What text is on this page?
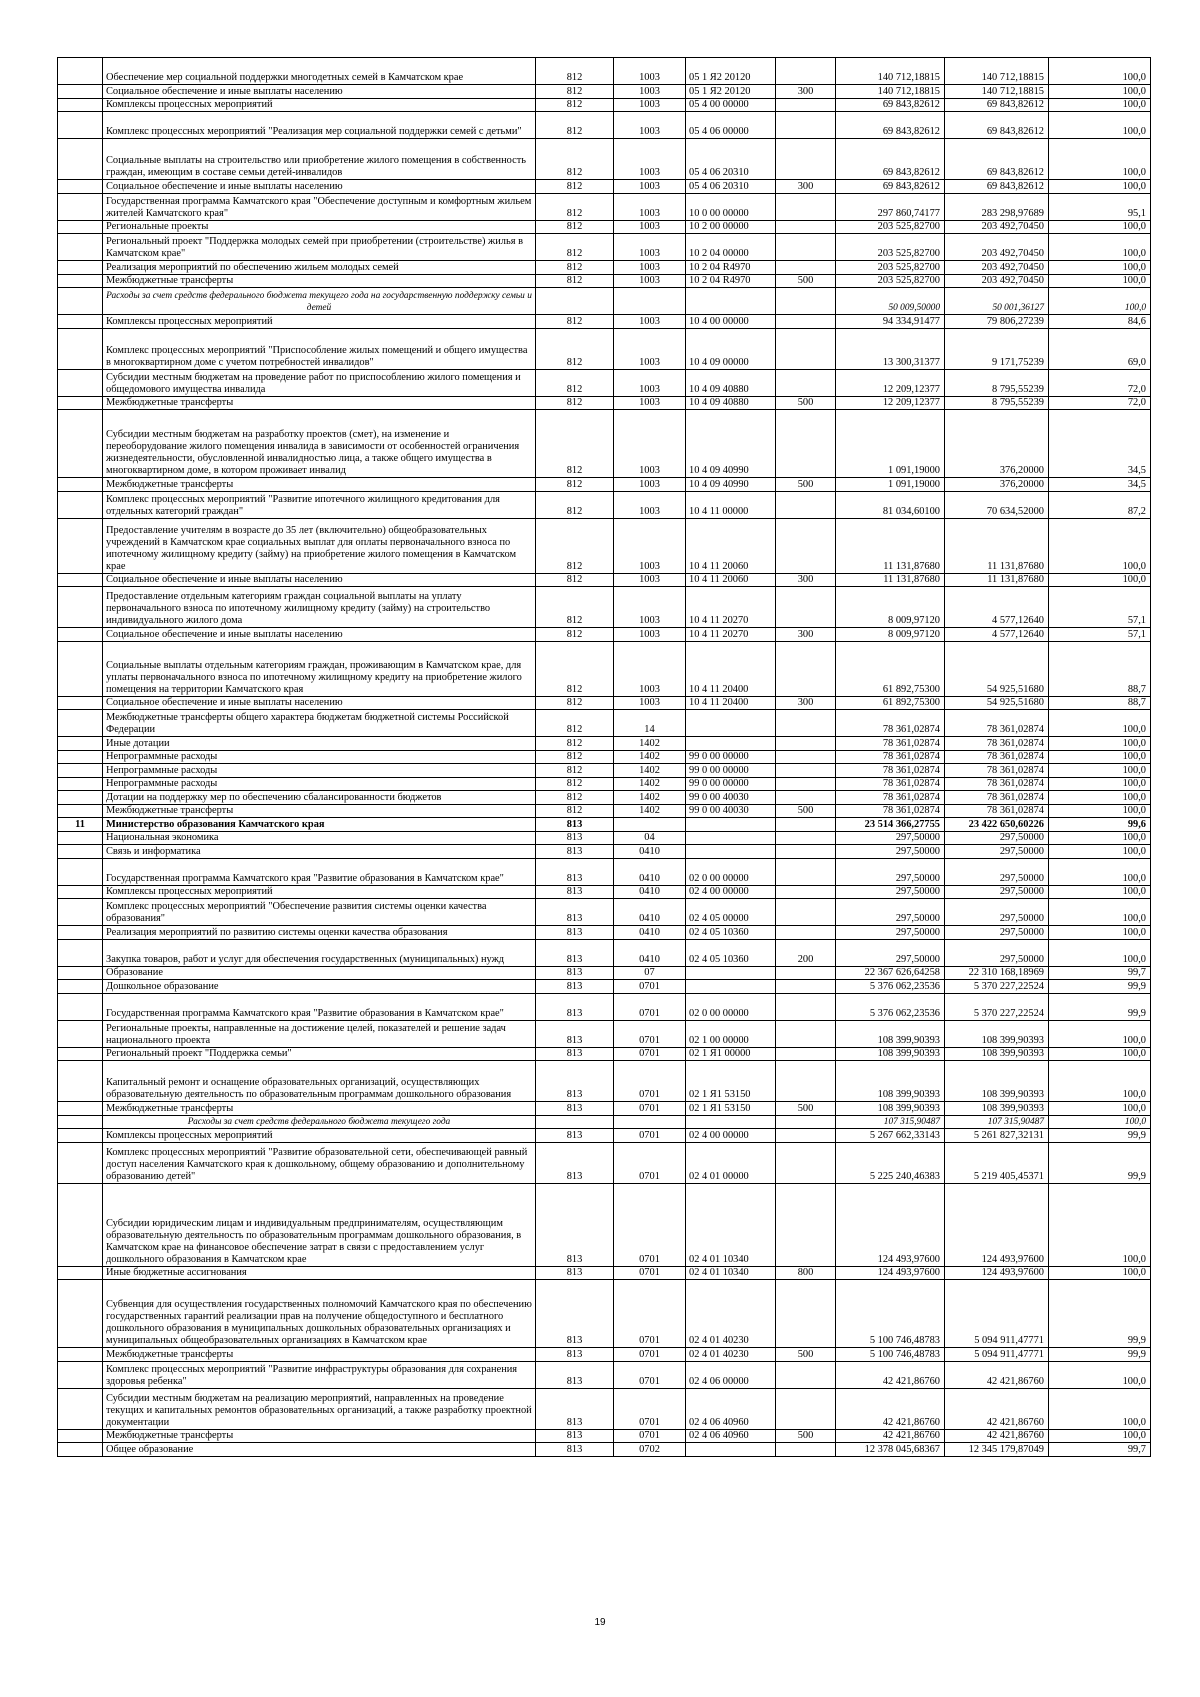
	Обеспечение мер социальной поддержки многодетных семей в Камчатском крае	812	1003	05 1 Я2 20120		140 712,18815	140 712,18815	100,0
	Социальное обеспечение и иные выплаты населению	812	1003	05 1 Я2 20120	300	140 712,18815	140 712,18815	100,0
	Комплексы процессных мероприятий	812	1003	05 4 00 00000		69 843,82612	69 843,82612	100,0
	Комплекс процессных мероприятий "Реализация мер социальной поддержки семей с детьми"	812	1003	05 4 06 00000		69 843,82612	69 843,82612	100,0
	Социальные выплаты на строительство или приобретение жилого помещения в собственность граждан, имеющим в составе семьи детей-инвалидов	812	1003	05 4 06 20310		69 843,82612	69 843,82612	100,0
	Социальное обеспечение и иные выплаты населению	812	1003	05 4 06 20310	300	69 843,82612	69 843,82612	100,0
	Государственная программа Камчатского края "Обеспечение доступным и комфортным жильем жителей Камчатского края"	812	1003	10 0 00 00000		297 860,74177	283 298,97689	95,1
	Региональные проекты	812	1003	10 2 00 00000		203 525,82700	203 492,70450	100,0
	Региональный проект "Поддержка молодых семей при приобретении (строительстве) жилья в Камчатском крае"	812	1003	10 2 04 00000		203 525,82700	203 492,70450	100,0
	Реализация мероприятий по обеспечению жильем молодых семей	812	1003	10 2 04 R4970		203 525,82700	203 492,70450	100,0
	Межбюджетные трансферты	812	1003	10 2 04 R4970	500	203 525,82700	203 492,70450	100,0
	Расходы за счет средств федерального бюджета текущего года на государственную поддержку семьи и детей					50 009,50000	50 001,36127	100,0
	Комплексы процессных мероприятий	812	1003	10 4 00 00000		94 334,91477	79 806,27239	84,6
	Комплекс процессных мероприятий "Приспособление жилых помещений и общего имущества в многоквартирном доме с учетом потребностей инвалидов"	812	1003	10 4 09 00000		13 300,31377	9 171,75239	69,0
	Субсидии местным бюджетам на проведение работ по приспособлению жилого помещения и общедомового имущества инвалида	812	1003	10 4 09 40880		12 209,12377	8 795,55239	72,0
	Межбюджетные трансферты	812	1003	10 4 09 40880	500	12 209,12377	8 795,55239	72,0
	Субсидии местным бюджетам на разработку проектов (смет), на изменение и переоборудование жилого помещения инвалида в зависимости от особенностей ограничения жизнедеятельности, обусловленной инвалидностью лица, а также общего имущества в многоквартирном доме, в котором проживает инвалид	812	1003	10 4 09 40990		1 091,19000	376,20000	34,5
	Межбюджетные трансферты	812	1003	10 4 09 40990	500	1 091,19000	376,20000	34,5
	Комплекс процессных мероприятий "Развитие ипотечного жилищного кредитования для отдельных категорий граждан"	812	1003	10 4 11 00000		81 034,60100	70 634,52000	87,2
	Предоставление учителям в возрасте до 35 лет (включительно) общеобразовательных учреждений в Камчатском крае социальных выплат для оплаты первоначального взноса по ипотечному жилищному кредиту (займу) на приобретение жилого помещения в Камчатском крае	812	1003	10 4 11 20060		11 131,87680	11 131,87680	100,0
	Социальное обеспечение и иные выплаты населению	812	1003	10 4 11 20060	300	11 131,87680	11 131,87680	100,0
	Предоставление отдельным категориям граждан социальной выплаты на уплату первоначального взноса по ипотечному жилищному кредиту (займу) на строительство индивидуального жилого дома	812	1003	10 4 11 20270		8 009,97120	4 577,12640	57,1
	Социальное обеспечение и иные выплаты населению	812	1003	10 4 11 20270	300	8 009,97120	4 577,12640	57,1
	Социальные выплаты отдельным категориям граждан, проживающим в Камчатском крае, для уплаты первоначального взноса по ипотечному жилищному кредиту на приобретение жилого помещения на территории Камчатского края	812	1003	10 4 11 20400		61 892,75300	54 925,51680	88,7
	Социальное обеспечение и иные выплаты населению	812	1003	10 4 11 20400	300	61 892,75300	54 925,51680	88,7
	Межбюджетные трансферты общего характера бюджетам бюджетной системы Российской Федерации	812	14			78 361,02874	78 361,02874	100,0
	Иные дотации	812	1402			78 361,02874	78 361,02874	100,0
	Непрограммные расходы	812	1402	99 0 00 00000		78 361,02874	78 361,02874	100,0
	Непрограммные расходы	812	1402	99 0 00 00000		78 361,02874	78 361,02874	100,0
	Непрограммные расходы	812	1402	99 0 00 00000		78 361,02874	78 361,02874	100,0
	Дотации на поддержку мер по обеспечению сбалансированности бюджетов	812	1402	99 0 00 40030		78 361,02874	78 361,02874	100,0
	Межбюджетные трансферты	812	1402	99 0 00 40030	500	78 361,02874	78 361,02874	100,0
11	Министерство образования Камчатского края	813				23 514 366,27755	23 422 650,60226	99,6
	Национальная экономика	813	04			297,50000	297,50000	100,0
	Связь и информатика	813	0410			297,50000	297,50000	100,0
	Государственная программа Камчатского края "Развитие образования в Камчатском крае"	813	0410	02 0 00 00000		297,50000	297,50000	100,0
	Комплексы процессных мероприятий	813	0410	02 4 00 00000		297,50000	297,50000	100,0
	Комплекс процессных мероприятий "Обеспечение развития системы оценки качества образования"	813	0410	02 4 05 00000		297,50000	297,50000	100,0
	Реализация мероприятий по развитию системы оценки качества образования	813	0410	02 4 05 10360		297,50000	297,50000	100,0
	Закупка товаров, работ и услуг для обеспечения государственных (муниципальных) нужд	813	0410	02 4 05 10360	200	297,50000	297,50000	100,0
	Образование	813	07			22 367 626,64258	22 310 168,18969	99,7
	Дошкольное образование	813	0701			5 376 062,23536	5 370 227,22524	99,9
	Государственная программа Камчатского края "Развитие образования в Камчатском крае"	813	0701	02 0 00 00000		5 376 062,23536	5 370 227,22524	99,9
	Региональные проекты, направленные на достижение целей, показателей и решение задач национального проекта	813	0701	02 1 00 00000		108 399,90393	108 399,90393	100,0
	Региональный проект "Поддержка семьи"	813	0701	02 1 Я1 00000		108 399,90393	108 399,90393	100,0
	Капитальный ремонт и оснащение образовательных организаций, осуществляющих образовательную деятельность по образовательным программам дошкольного образования	813	0701	02 1 Я1 53150		108 399,90393	108 399,90393	100,0
	Межбюджетные трансферты	813	0701	02 1 Я1 53150	500	108 399,90393	108 399,90393	100,0
	Расходы за счет средств федерального бюджета текущего года					107 315,90487	107 315,90487	100,0
	Комплексы процессных мероприятий	813	0701	02 4 00 00000		5 267 662,33143	5 261 827,32131	99,9
	Комплекс процессных мероприятий "Развитие образовательной сети, обеспечивающей равный доступ населения Камчатского края к дошкольному, общему образованию и дополнительному образованию детей"	813	0701	02 4 01 00000		5 225 240,46383	5 219 405,45371	99,9
	Субсидии юридическим лицам и индивидуальным предпринимателям, осуществляющим образовательную деятельность по образовательным программам дошкольного образования, в Камчатском крае на финансовое обеспечение затрат в связи с предоставлением услуг дошкольного образования в Камчатском крае	813	0701	02 4 01 10340		124 493,97600	124 493,97600	100,0
	Иные бюджетные ассигнования	813	0701	02 4 01 10340	800	124 493,97600	124 493,97600	100,0
	Субвенция для осуществления государственных полномочий Камчатского края по обеспечению государственных гарантий реализации прав на получение общедоступного и бесплатного дошкольного образования в муниципальных дошкольных образовательных организациях и муниципальных общеобразовательных организациях в Камчатском крае	813	0701	02 4 01 40230		5 100 746,48783	5 094 911,47771	99,9
	Межбюджетные трансферты	813	0701	02 4 01 40230	500	5 100 746,48783	5 094 911,47771	99,9
	Комплекс процессных мероприятий "Развитие инфраструктуры образования для сохранения здоровья ребенка"	813	0701	02 4 06 00000		42 421,86760	42 421,86760	100,0
	Субсидии местным бюджетам на реализацию мероприятий, направленных на проведение текущих и капитальных ремонтов образовательных организаций, а также разработку проектной документации	813	0701	02 4 06 40960		42 421,86760	42 421,86760	100,0
	Межбюджетные трансферты	813	0701	02 4 06 40960	500	42 421,86760	42 421,86760	100,0
	Общее образование	813	0702			12 378 045,68367	12 345 179,87049	99,7
19
